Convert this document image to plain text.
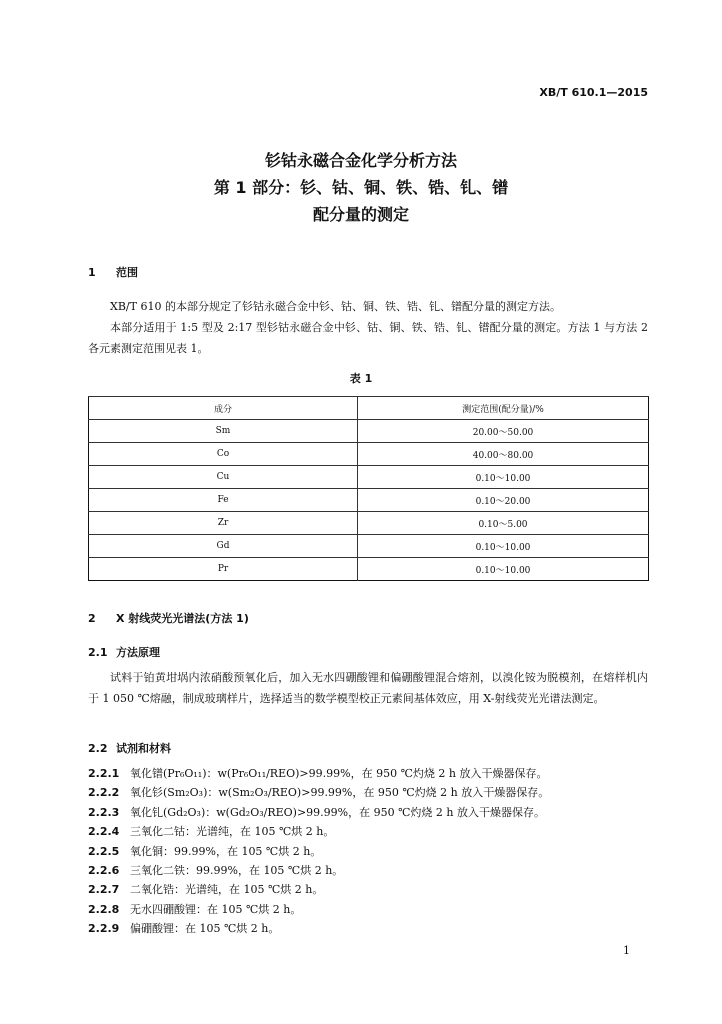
XB/T 610.1—2015
钐钴永磁合金化学分析方法
第 1 部分：钐、钴、铜、铁、锆、钆、镨
配分量的测定
1 范围
XB/T 610 的本部分规定了钐钴永磁合金中钐、钴、铜、铁、锆、钆、镨配分量的测定方法。
本部分适用于 1:5 型及 2:17 型钐钴永磁合金中钐、钴、铜、铁、锆、钆、镨配分量的测定。方法 1 与方法 2 各元素测定范围见表 1。
表 1
成分	测定范围(配分量)/%
Sm	20.00～50.00
Co	40.00～80.00
Cu	0.10～10.00
Fe	0.10～20.00
Zr	0.10～5.00
Gd	0.10～10.00
Pr	0.10～10.00
2 X 射线荧光光谱法(方法 1)
2.1 方法原理
试料于铂黄坩埚内浓硝酸预氧化后，加入无水四硼酸锂和偏硼酸锂混合熔剂，以溴化铵为脱模剂，在熔样机内于 1 050 ℃熔融，制成玻璃样片，选择适当的数学模型校正元素间基体效应，用 X-射线荧光光谱法测定。
2.2 试剂和材料
2.2.1 氧化镨(Pr₆O₁₁)：w(Pr₆O₁₁/REO)>99.99%，在 950 ℃灼烧 2 h 放入干燥器保存。
2.2.2 氧化钐(Sm₂O₃)：w(Sm₂O₃/REO)>99.99%，在 950 ℃灼烧 2 h 放入干燥器保存。
2.2.3 氧化钆(Gd₂O₃)：w(Gd₂O₃/REO)>99.99%，在 950 ℃灼烧 2 h 放入干燥器保存。
2.2.4 三氧化二钴：光谱纯，在 105 ℃烘 2 h。
2.2.5 氧化铜：99.99%，在 105 ℃烘 2 h。
2.2.6 三氧化二铁：99.99%，在 105 ℃烘 2 h。
2.2.7 二氧化锆：光谱纯，在 105 ℃烘 2 h。
2.2.8 无水四硼酸锂：在 105 ℃烘 2 h。
2.2.9 偏硼酸锂：在 105 ℃烘 2 h。
1
